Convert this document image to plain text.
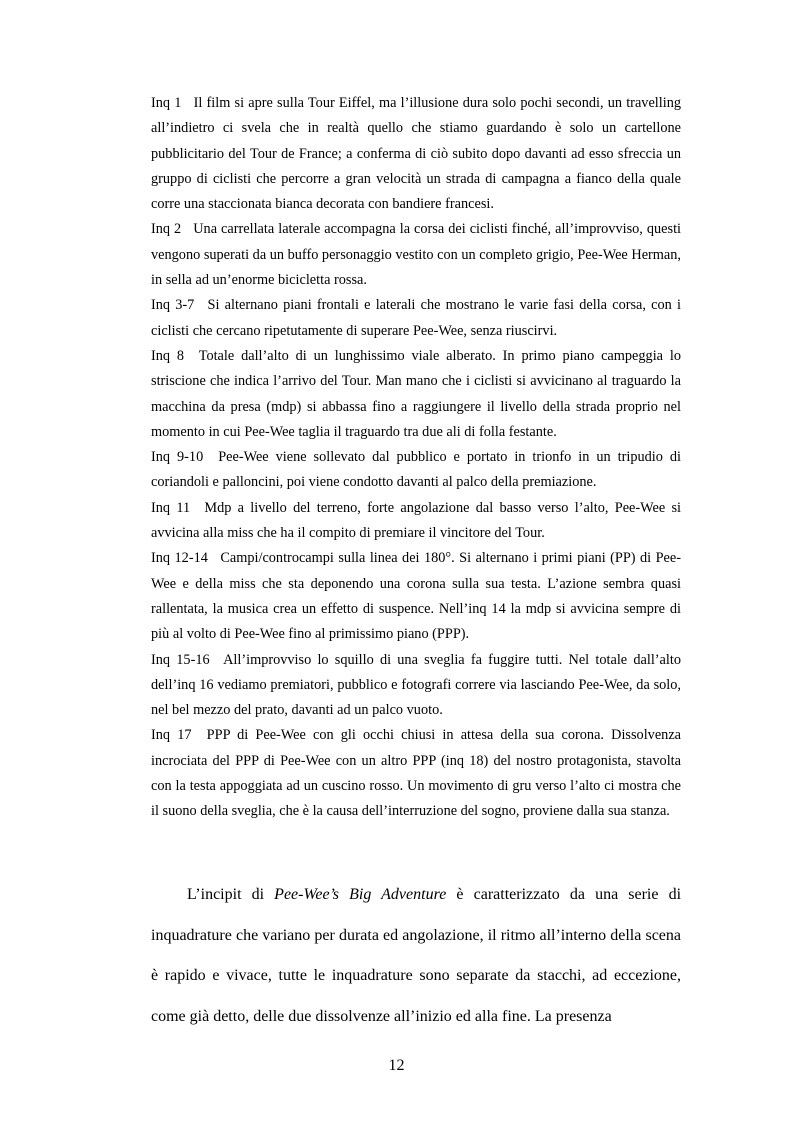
Inq 1 Il film si apre sulla Tour Eiffel, ma l’illusione dura solo pochi secondi, un travelling all’indietro ci svela che in realtà quello che stiamo guardando è solo un cartellone pubblicitario del Tour de France; a conferma di ciò subito dopo davanti ad esso sfreccia un gruppo di ciclisti che percorre a gran velocità un strada di campagna a fianco della quale corre una staccionata bianca decorata con bandiere francesi.

Inq 2 Una carrellata laterale accompagna la corsa dei ciclisti finché, all’improvviso, questi vengono superati da un buffo personaggio vestito con un completo grigio, Pee-Wee Herman, in sella ad un’enorme bicicletta rossa.

Inq 3-7 Si alternano piani frontali e laterali che mostrano le varie fasi della corsa, con i ciclisti che cercano ripetutamente di superare Pee-Wee, senza riuscirvi.

Inq 8 Totale dall’alto di un lunghissimo viale alberato. In primo piano campeggia lo striscione che indica l’arrivo del Tour. Man mano che i ciclisti si avvicinano al traguardo la macchina da presa (mdp) si abbassa fino a raggiungere il livello della strada proprio nel momento in cui Pee-Wee taglia il traguardo tra due ali di folla festante.

Inq 9-10 Pee-Wee viene sollevato dal pubblico e portato in trionfo in un tripudio di coriandoli e palloncini, poi viene condotto davanti al palco della premiazione.

Inq 11 Mdp a livello del terreno, forte angolazione dal basso verso l’alto, Pee-Wee si avvicina alla miss che ha il compito di premiare il vincitore del Tour.

Inq 12-14 Campi/controcampi sulla linea dei 180°. Si alternano i primi piani (PP) di Pee-Wee e della miss che sta deponendo una corona sulla sua testa. L’azione sembra quasi rallentata, la musica crea un effetto di suspence. Nell’inq 14 la mdp si avvicina sempre di più al volto di Pee-Wee fino al primissimo piano (PPP).

Inq 15-16 All’improvviso lo squillo di una sveglia fa fuggire tutti. Nel totale dall’alto dell’inq 16 vediamo premiatori, pubblico e fotografi correre via lasciando Pee-Wee, da solo, nel bel mezzo del prato, davanti ad un palco vuoto.

Inq 17 PPP di Pee-Wee con gli occhi chiusi in attesa della sua corona. Dissolvenza incrociata del PPP di Pee-Wee con un altro PPP (inq 18) del nostro protagonista, stavolta con la testa appoggiata ad un cuscino rosso. Un movimento di gru verso l’alto ci mostra che il suono della sveglia, che è la causa dell’interruzione del sogno, proviene dalla sua stanza.

L’incipit di Pee-Wee’s Big Adventure è caratterizzato da una serie di inquadrature che variano per durata ed angolazione, il ritmo all’interno della scena è rapido e vivace, tutte le inquadrature sono separate da stacchi, ad eccezione, come già detto, delle due dissolvenze all’inizio ed alla fine. La presenza

12
